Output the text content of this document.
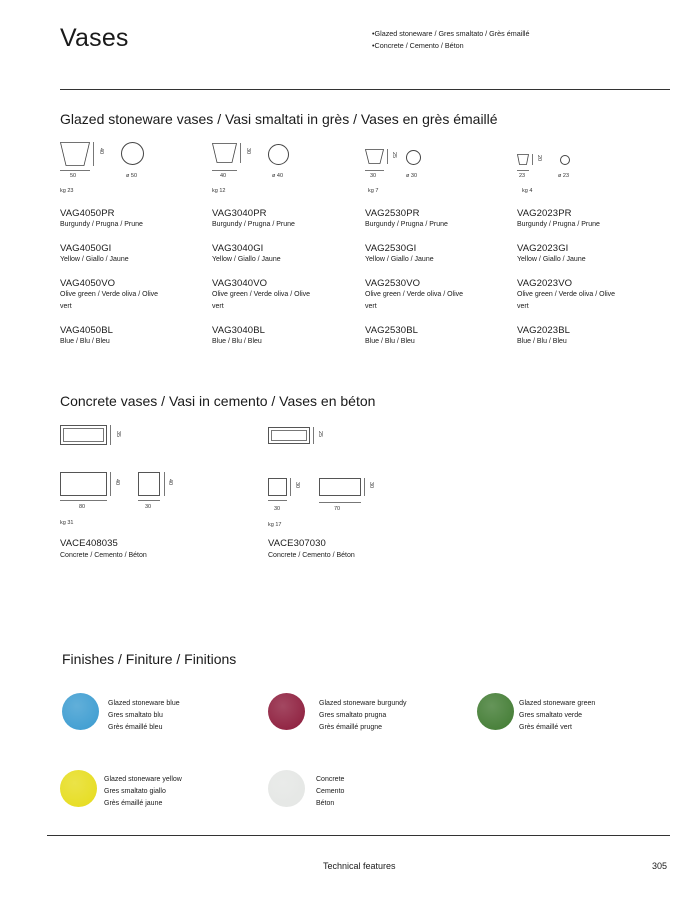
Vases
•	Glazed stoneware / Gres smaltato / Grès émaillé
• Concrete / Cemento / Béton
Glazed stoneware vases / Vasi smaltati in grès / Vases en grès émaillé
40
50	ø 50
kg 23
30
40	ø 40
kg 12
25
30	ø 30
kg 7
20
23	ø 23
kg 4
VAG4050PR
Burgundy / Prugna / Prune
VAG4050GI
Yellow / Giallo / Jaune
VAG4050VO
Olive green / Verde oliva / Olive vert
VAG4050BL
Blue / Blu / Bleu
VAG3040PR
Burgundy / Prugna / Prune
VAG3040GI
Yellow / Giallo / Jaune
VAG3040VO
Olive green / Verde oliva / Olive vert
VAG3040BL
Blue / Blu / Bleu
VAG2530PR
Burgundy / Prugna / Prune
VAG2530GI
Yellow / Giallo / Jaune
VAG2530VO
Olive green / Verde oliva / Olive vert
VAG2530BL
Blue / Blu / Bleu
VAG2023PR
Burgundy / Prugna / Prune
VAG2023GI
Yellow / Giallo / Jaune
VAG2023VO
Olive green / Verde oliva / Olive vert
VAG2023BL
Blue / Blu / Bleu
Concrete vases / Vasi in cemento / Vases en béton
35
40
80
40
30
kg 31
VACE408035
Concrete / Cemento / Béton
25
30
30
30
70
kg 17
VACE307030
Concrete / Cemento / Béton
Finishes / Finiture / Finitions
Glazed stoneware blue
Gres smaltato blu
Grès émaillé bleu
Glazed stoneware burgundy
Gres smaltato prugna
Grès émaillé prugne
Glazed stoneware green
Gres smaltato verde
Grès émaillé vert
Glazed stoneware yellow
Gres smaltato giallo
Grès émaillé jaune
Concrete
Cemento
Béton
Technical features	305
